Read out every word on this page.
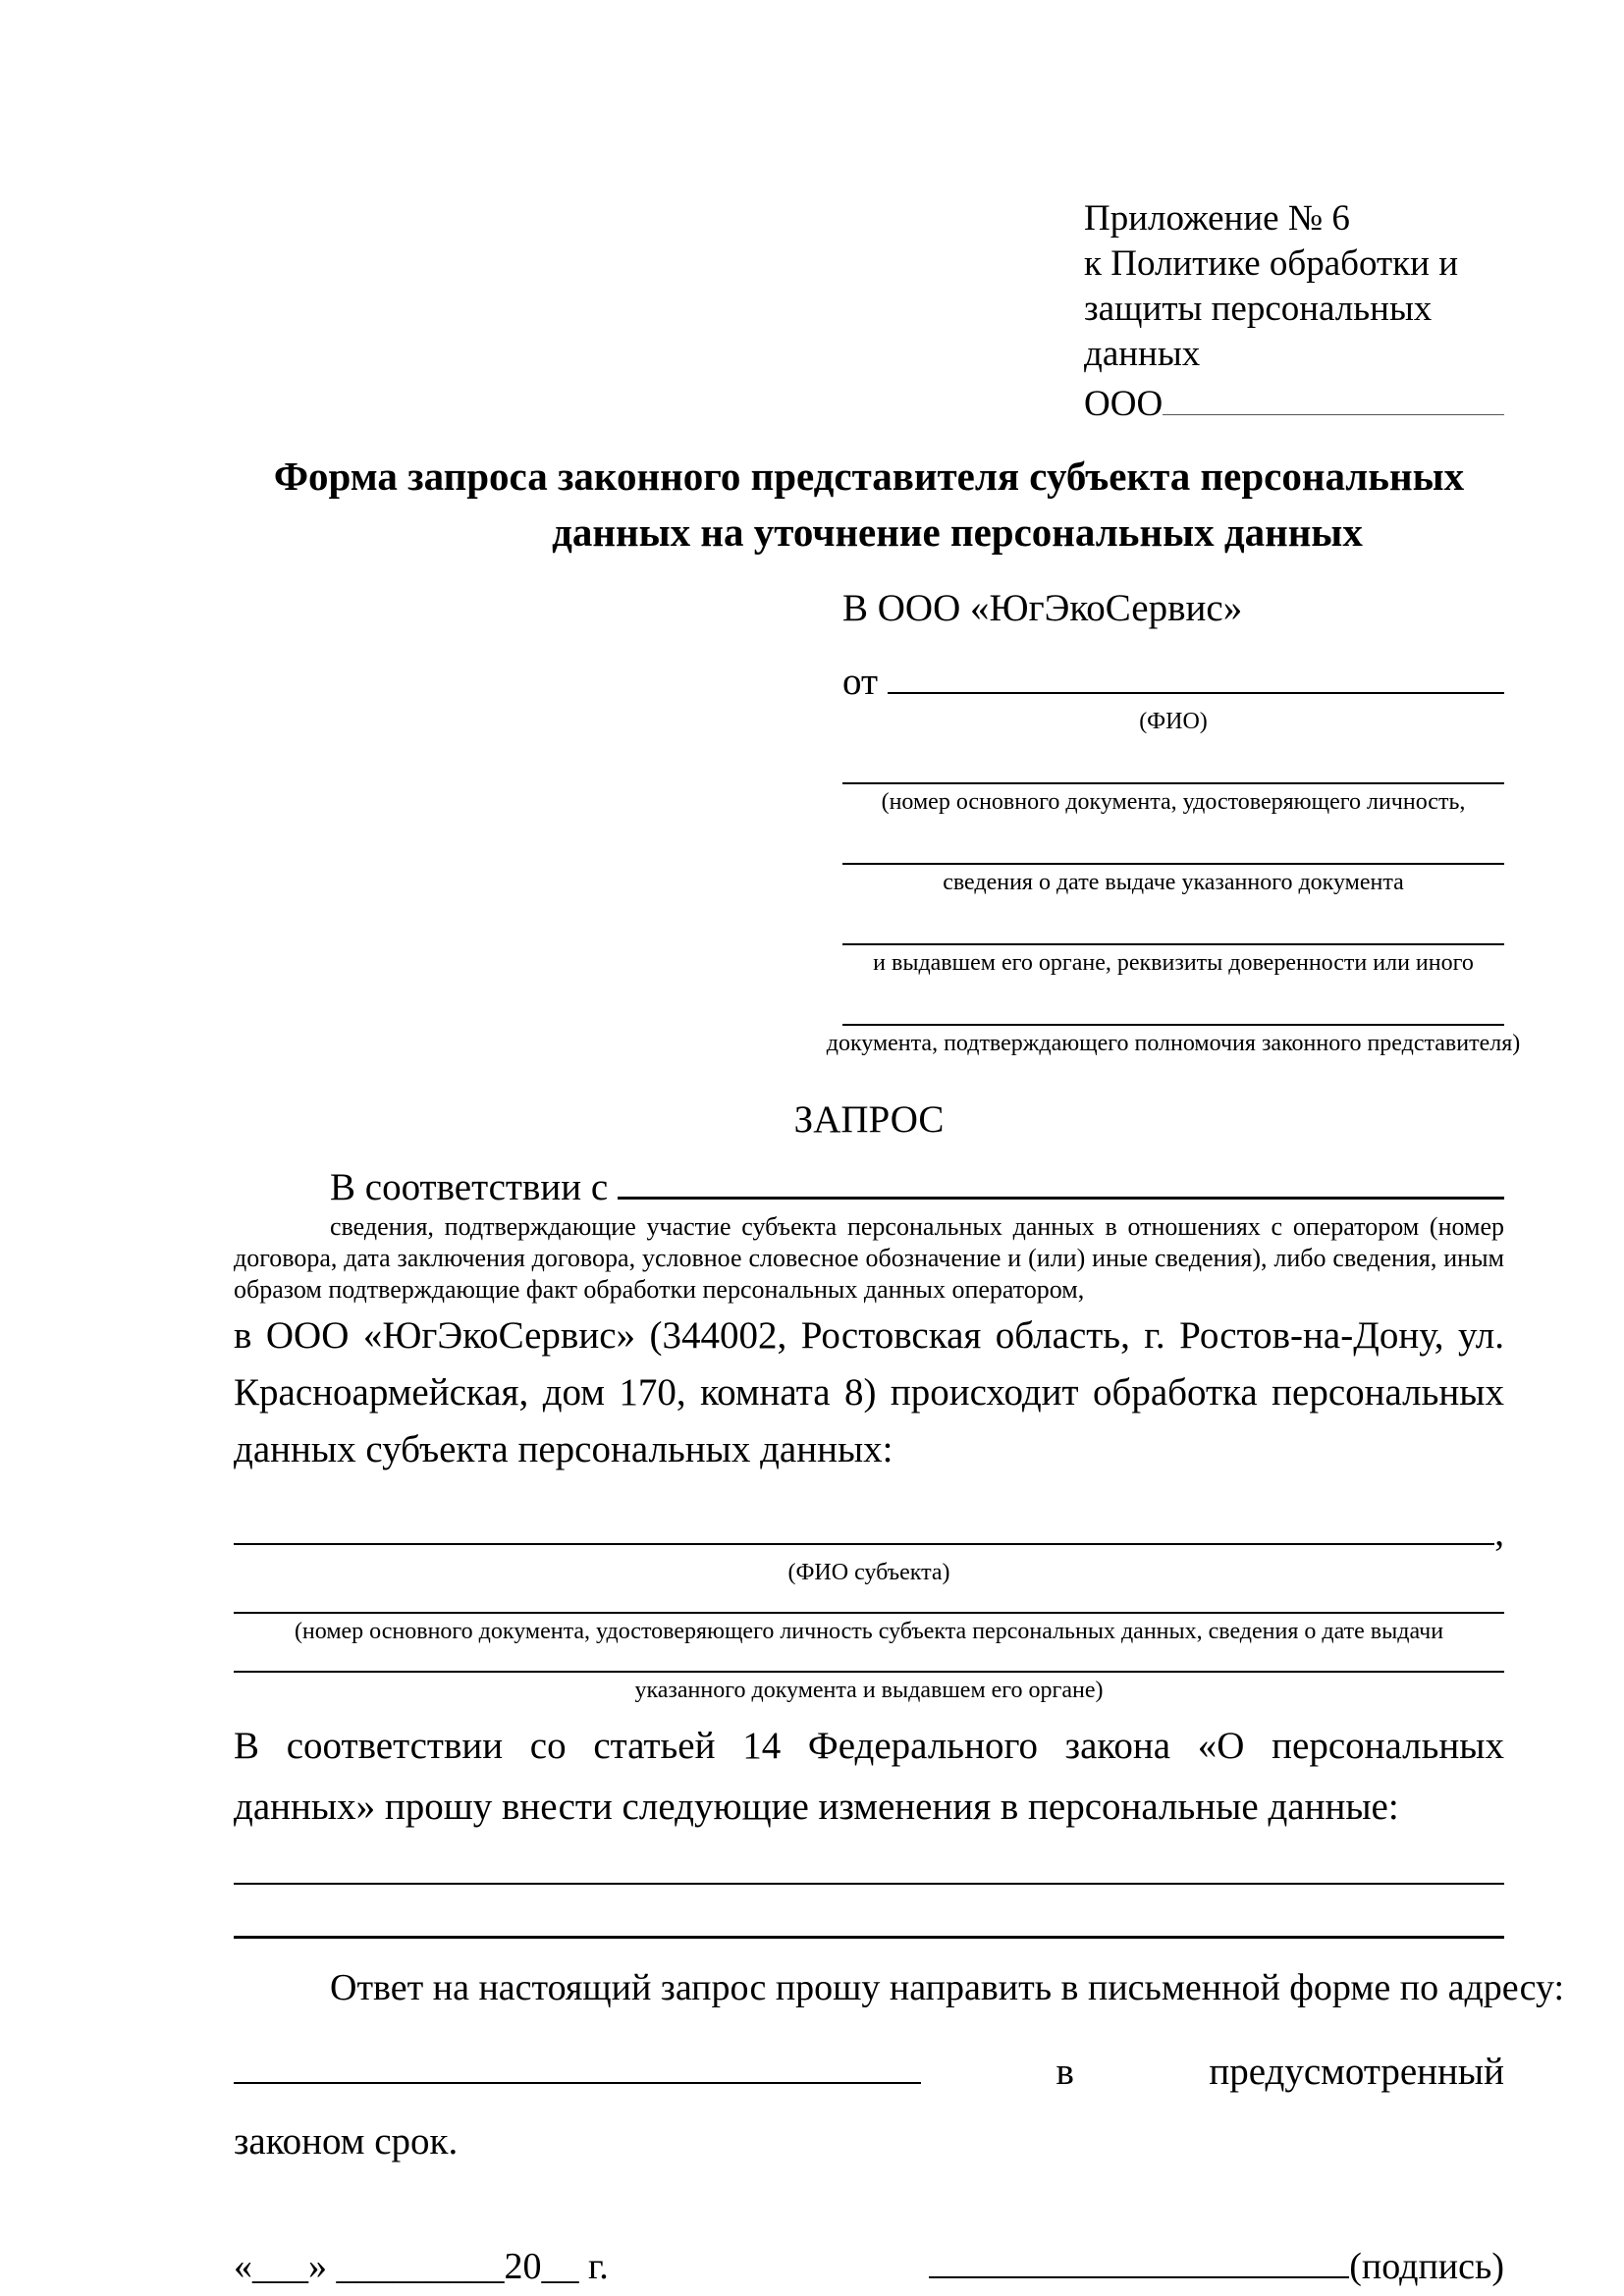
Приложение № 6
к Политике обработки и
защиты персональных данных
ООО
Форма запроса законного представителя субъекта персональных
данных на уточнение персональных данных
В ООО «ЮгЭкоСервис»
от
(ФИО)
(номер основного документа, удостоверяющего личность,
сведения о дате выдаче указанного документа
и выдавшем его органе, реквизиты доверенности или иного
документа, подтверждающего полномочия законного представителя)
ЗАПРОС
В соответствии с
сведения, подтверждающие участие субъекта персональных данных в отношениях с оператором (номер договора, дата заключения договора, условное словесное обозначение и (или) иные сведения), либо сведения, иным образом подтверждающие факт обработки персональных данных оператором,
в ООО «ЮгЭкоСервис» (344002, Ростовская область, г. Ростов-на-Дону, ул. Красноармейская, дом 170, комната 8) происходит обработка персональных данных субъекта персональных данных:
,
(ФИО субъекта)
(номер основного документа, удостоверяющего личность субъекта персональных данных, сведения о дате выдачи
указанного документа и выдавшем его органе)
В соответствии со статьей 14 Федерального закона «О персональных данных» прошу внести следующие изменения в персональные данные:
Ответ на настоящий запрос прошу направить в письменной форме по адресу:
в	предусмотренный
законом срок.
«___» _________20__ г.	(подпись)
